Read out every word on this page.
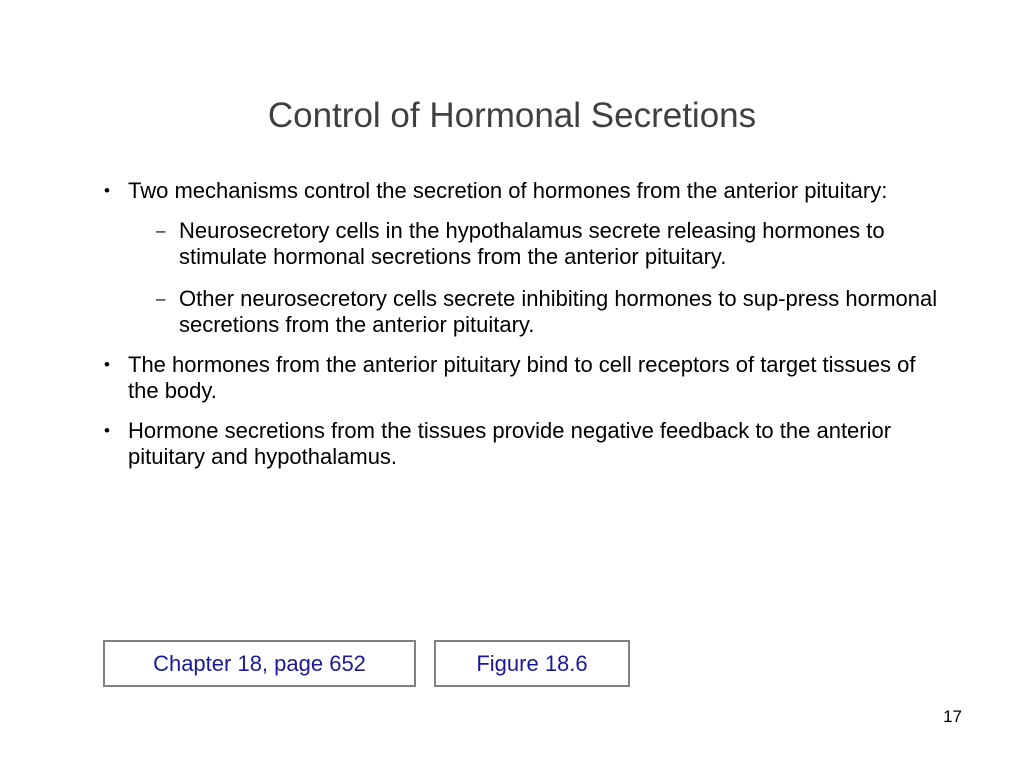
Control of Hormonal Secretions
• Two mechanisms control the secretion of hormones from the anterior pituitary:
– Neurosecretory cells in the hypothalamus secrete releasing hormones to stimulate hormonal secretions from the anterior pituitary.
– Other neurosecretory cells secrete inhibiting hormones to sup-press hormonal secretions from the anterior pituitary.
• The hormones from the anterior pituitary bind to cell receptors of target tissues of the body.
• Hormone secretions from the tissues provide negative feedback to the anterior pituitary and hypothalamus.
Chapter 18, page 652	Figure 18.6
17
